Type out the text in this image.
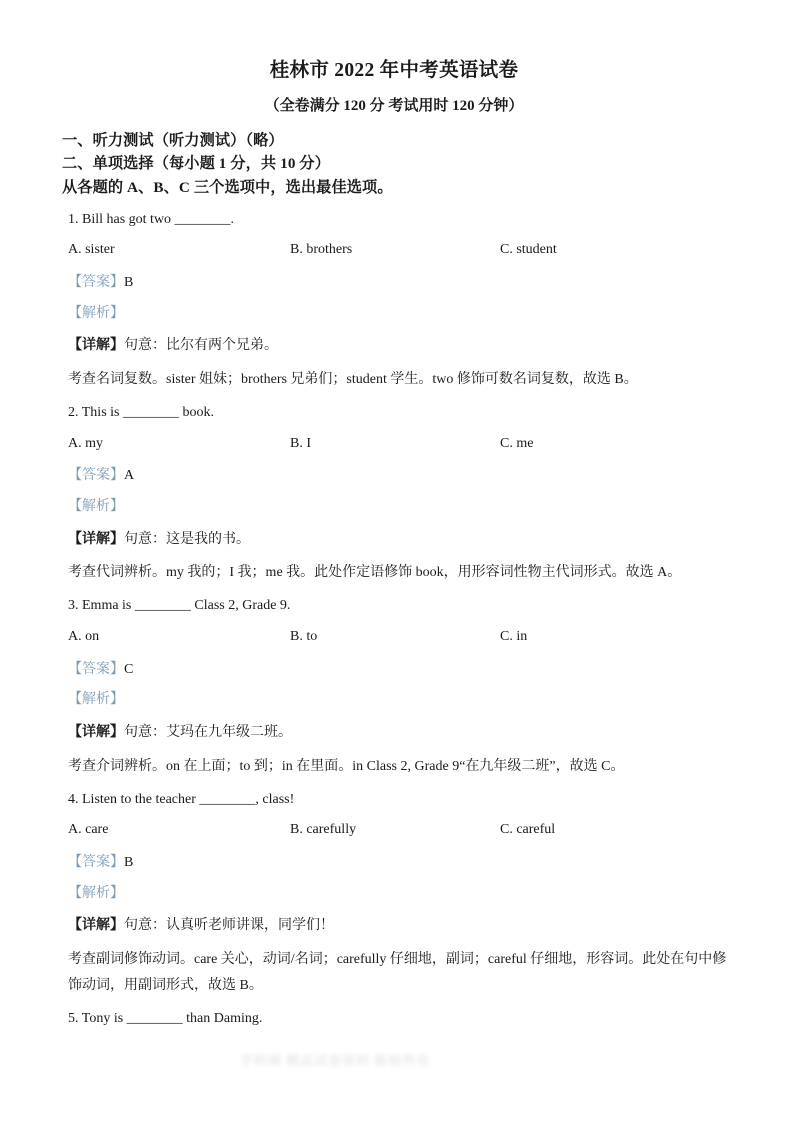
桂林市 2022 年中考英语试卷
（全卷满分 120 分 考试用时 120 分钟）
一、听力测试（听力测试）（略）
二、单项选择（每小题 1 分，共 10 分）
从各题的 A、B、C 三个选项中，选出最佳选项。
1. Bill has got two ________.
A. sister	B. brothers	C. student
【答案】B
【解析】
【详解】句意：比尔有两个兄弟。
考查名词复数。sister 姐妹；brothers 兄弟们；student 学生。two 修饰可数名词复数，故选 B。
2. This is ________ book.
A. my	B. I	C. me
【答案】A
【解析】
【详解】句意：这是我的书。
考查代词辨析。my 我的；I 我；me 我。此处作定语修饰 book，用形容词性物主代词形式。故选 A。
3. Emma is ________ Class 2, Grade 9.
A. on	B. to	C. in
【答案】C
【解析】
【详解】句意：艾玛在九年级二班。
考查介词辨析。on 在上面；to 到；in 在里面。in Class 2, Grade 9“在九年级二班”，故选 C。
4. Listen to the teacher ________, class!
A. care	B. carefully	C. careful
【答案】B
【解析】
【详解】句意：认真听老师讲课，同学们！
考查副词修饰动词。care 关心，动词/名词；carefully 仔细地，副词；careful 仔细地，形容词。此处在句中修饰动词，用副词形式，故选 B。
5. Tony is ________ than Daming.
学科网 精品试卷资料 版权所有
